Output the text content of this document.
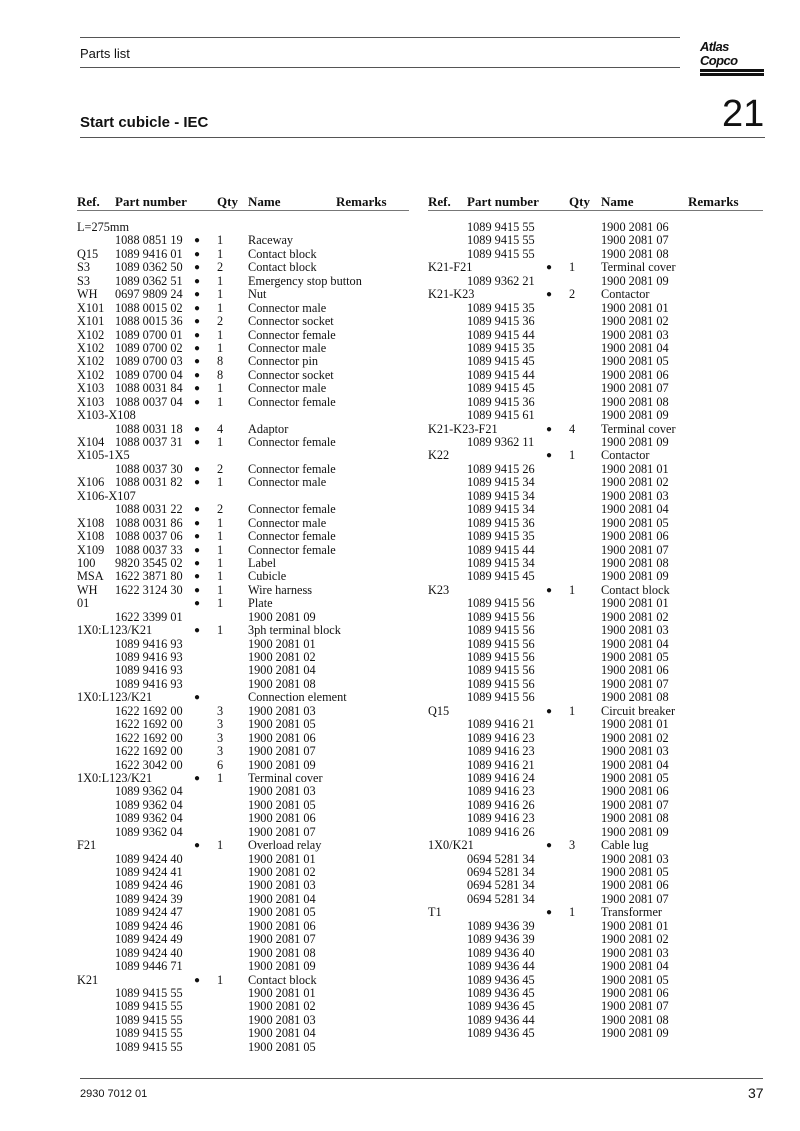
Parts list	Atlas Copco
Start cubicle - IEC	21
Ref. Part number Qty Name	Remarks	Ref. Part number Qty Name	Remarks
L=275mm
1088 0851 19 ● 1 Raceway
Q15 1089 9416 01 ● 1 Contact block
S3 1089 0362 50 ● 2 Contact block
S3 1089 0362 51 ● 1 Emergency stop button
WH 0697 9809 24 ● 1 Nut
X101 1088 0015 02 ● 1 Connector male
X101 1088 0015 36 ● 2 Connector socket
X102 1089 0700 01 ● 1 Connector female
X102 1089 0700 02 ● 1 Connector male
X102 1089 0700 03 ● 8 Connector pin
X102 1089 0700 04 ● 8 Connector socket
X103 1088 0031 84 ● 1 Connector male
X103 1088 0037 04 ● 1 Connector female
X103-X108
1088 0031 18 ● 4 Adaptor
X104 1088 0037 31 ● 1 Connector female
X105-1X5
1088 0037 30 ● 2 Connector female
X106 1088 0031 82 ● 1 Connector male
X106-X107
1088 0031 22 ● 2 Connector female
X108 1088 0031 86 ● 1 Connector male
X108 1088 0037 06 ● 1 Connector female
X109 1088 0037 33 ● 1 Connector female
100 9820 3545 02 ● 1 Label
MSA 1622 3871 80 ● 1 Cubicle
WH 1622 3124 30 ● 1 Wire harness
01	● 1 Plate
1622 3399 01	1900 2081 09
1X0:L123/K21	● 1 3ph terminal block
1089 9416 93	1900 2081 01
1089 9416 93	1900 2081 02
1089 9416 93	1900 2081 04
1089 9416 93	1900 2081 08
1X0:L123/K21	●	Connection element
1622 1692 00	3 1900 2081 03
1622 1692 00	3 1900 2081 05
1622 1692 00	3 1900 2081 06
1622 1692 00	3 1900 2081 07
1622 3042 00	6 1900 2081 09
1X0:L123/K21	● 1 Terminal cover
1089 9362 04	1900 2081 03
1089 9362 04	1900 2081 05
1089 9362 04	1900 2081 06
1089 9362 04	1900 2081 07
F21	● 1 Overload relay
1089 9424 40	1900 2081 01
1089 9424 41	1900 2081 02
1089 9424 46	1900 2081 03
1089 9424 39	1900 2081 04
1089 9424 47	1900 2081 05
1089 9424 46	1900 2081 06
1089 9424 49	1900 2081 07
1089 9424 40	1900 2081 08
1089 9446 71	1900 2081 09
K21	● 1 Contact block
1089 9415 55	1900 2081 01
1089 9415 55	1900 2081 02
1089 9415 55	1900 2081 03
1089 9415 55	1900 2081 04
1089 9415 55	1900 2081 05
1089 9415 55	1900 2081 06
1089 9415 55	1900 2081 07
1089 9415 55	1900 2081 08
K21-F21	● 1 Terminal cover
1089 9362 21	1900 2081 09
K21-K23	● 2 Contactor
1089 9415 35	1900 2081 01
1089 9415 36	1900 2081 02
1089 9415 44	1900 2081 03
1089 9415 35	1900 2081 04
1089 9415 45	1900 2081 05
1089 9415 44	1900 2081 06
1089 9415 45	1900 2081 07
1089 9415 36	1900 2081 08
1089 9415 61	1900 2081 09
K21-K23-F21	● 4 Terminal cover
1089 9362 11	1900 2081 09
K22	● 1 Contactor
1089 9415 26	1900 2081 01
1089 9415 34	1900 2081 02
1089 9415 34	1900 2081 03
1089 9415 34	1900 2081 04
1089 9415 36	1900 2081 05
1089 9415 35	1900 2081 06
1089 9415 44	1900 2081 07
1089 9415 34	1900 2081 08
1089 9415 45	1900 2081 09
K23	● 1 Contact block
1089 9415 56	1900 2081 01
1089 9415 56	1900 2081 02
1089 9415 56	1900 2081 03
1089 9415 56	1900 2081 04
1089 9415 56	1900 2081 05
1089 9415 56	1900 2081 06
1089 9415 56	1900 2081 07
1089 9415 56	1900 2081 08
Q15	● 1 Circuit breaker
1089 9416 21	1900 2081 01
1089 9416 23	1900 2081 02
1089 9416 23	1900 2081 03
1089 9416 21	1900 2081 04
1089 9416 24	1900 2081 05
1089 9416 23	1900 2081 06
1089 9416 26	1900 2081 07
1089 9416 23	1900 2081 08
1089 9416 26	1900 2081 09
1X0/K21	● 3 Cable lug
0694 5281 34	1900 2081 03
0694 5281 34	1900 2081 05
0694 5281 34	1900 2081 06
0694 5281 34	1900 2081 07
T1	● 1 Transformer
1089 9436 39	1900 2081 01
1089 9436 39	1900 2081 02
1089 9436 40	1900 2081 03
1089 9436 44	1900 2081 04
1089 9436 45	1900 2081 05
1089 9436 45	1900 2081 06
1089 9436 45	1900 2081 07
1089 9436 44	1900 2081 08
1089 9436 45	1900 2081 09
2930 7012 01	37
